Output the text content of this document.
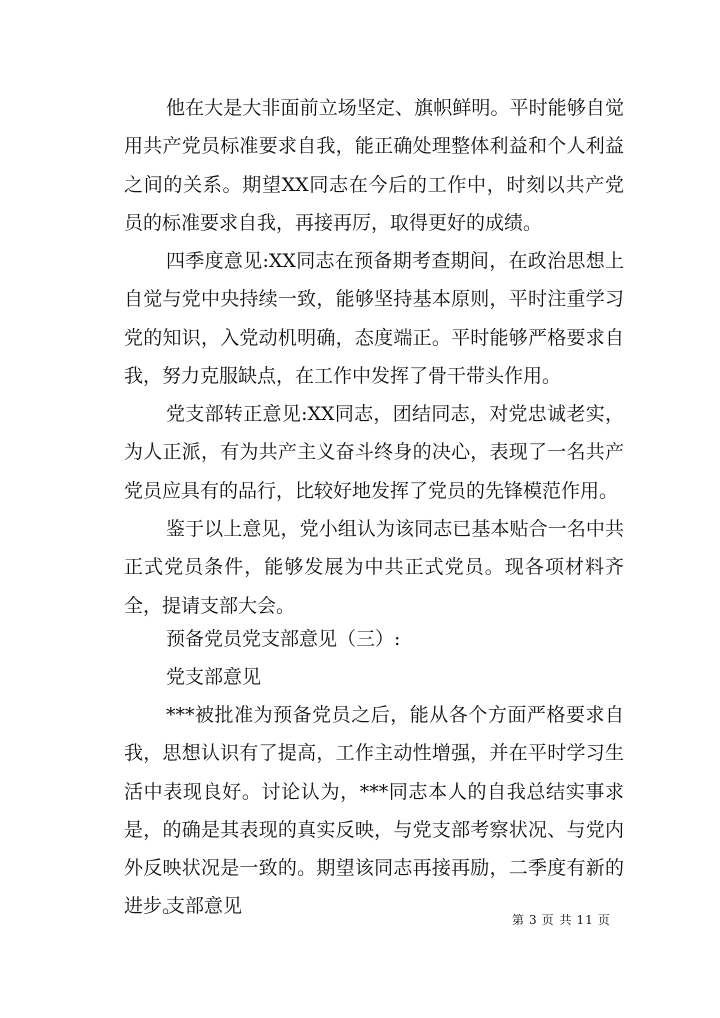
他在大是大非面前立场坚定、旗帜鲜明。平时能够自觉用共产党员标准要求自我，能正确处理整体利益和个人利益之间的关系。期望XX同志在今后的工作中，时刻以共产党员的标准要求自我，再接再厉，取得更好的成绩。

四季度意见:XX同志在预备期考查期间，在政治思想上自觉与党中央持续一致，能够坚持基本原则，平时注重学习党的知识，入党动机明确，态度端正。平时能够严格要求自我，努力克服缺点，在工作中发挥了骨干带头作用。

党支部转正意见:XX同志，团结同志，对党忠诚老实，为人正派，有为共产主义奋斗终身的决心，表现了一名共产党员应具有的品行，比较好地发挥了党员的先锋模范作用。

鉴于以上意见，党小组认为该同志已基本贴合一名中共正式党员条件，能够发展为中共正式党员。现各项材料齐全，提请支部大会。

预备党员党支部意见（三）:

党支部意见

***被批准为预备党员之后，能从各个方面严格要求自我，思想认识有了提高，工作主动性增强，并在平时学习生活中表现良好。讨论认为，***同志本人的自我总结实事求是，的确是其表现的真实反映，与党支部考察状况、与党内外反映状况是一致的。期望该同志再接再励，二季度有新的进步。

支部意见

第 3 页 共 11 页
